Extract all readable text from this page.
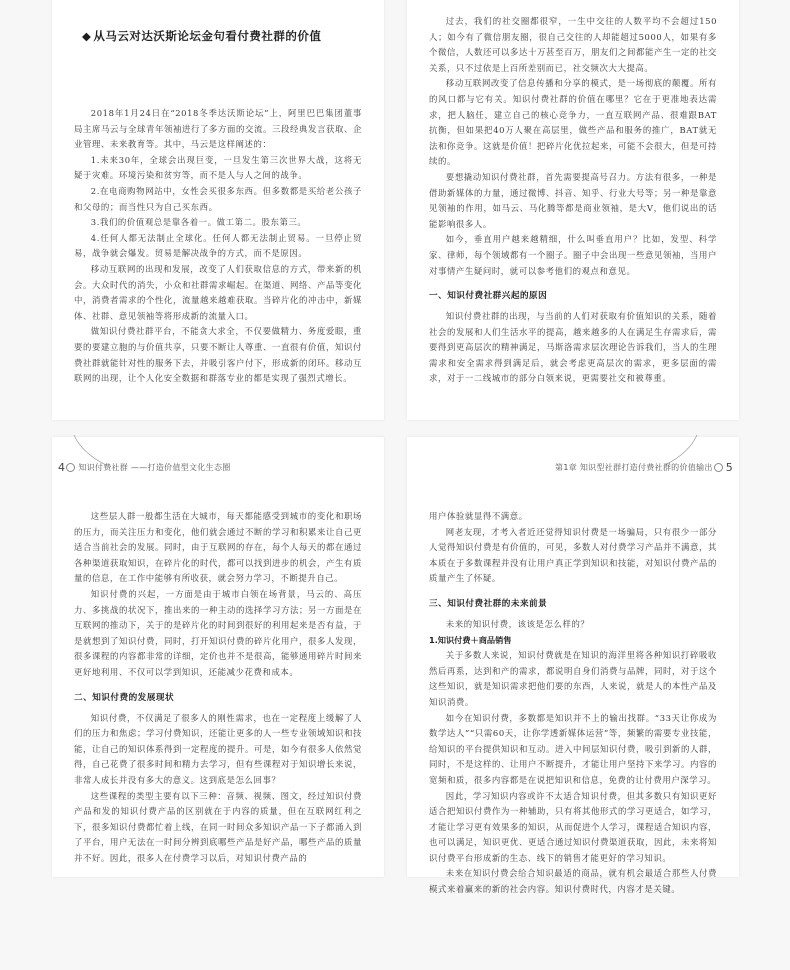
◆ 从马云对达沃斯论坛金句看付费社群的价值

2018年1月24日在“2018冬季达沃斯论坛”上，阿里巴巴集团董事局主席马云与全球青年领袖进行了多方面的交流。三段经典发言获取、企业管理、未来教育等。其中，马云是这样阐述的：

1.未来30年，全球会出现巨变，一旦发生第三次世界大战，这将无疑于灾难。环境污染和贫穷等，而不是人与人之间的战争。

2.在电商购物网站中，女性会买很多东西。但多数都是买给老公孩子和父母的；而当性只为自己买东西。

3.我们的价值观总是靠各着一。做工第二。股东第三。

4.任何人都无法制止全球化。任何人都无法制止贸易。一旦停止贸易，战争就会爆发。贸易是解决战争的方式，而不是原因。

移动互联网的出现和发展，改变了人们获取信息的方式，带来新的机会。大众时代的消失，小众和社群需求崛起。在渠道、网络、产品等变化中，消费者需求的个性化，流量越来越难获取。当碎片化的冲击中，新媒体、社群、意见领袖等将形成新的流量入口。

做知识付费社群平台，不能贪大求全，不仅要做精力、务度爱眼，重要的要建立胞的与价值共享，只要不断让人尊重、一直很有价值，知识付费社群就能针对性的服务下去，并吸引客户付下，形成新的闭环。移动互联网的出现，让个人化安全数据和群落专业的都是实现了强烈式增长。

过去，我们的社交圈都很窄，一生中交往的人数平均不会超过150人；如今有了微信朋友圈，很自己交往的人却能超过5000人，如果有多个微信，人数还可以多达十万甚至百万，朋友们之间都能产生一定的社交关系，只不过依是上百所差别而已，社交频次大大提高。

移动互联网改变了信息传播和分享的模式，是一场彻底的颠覆。所有的风口都与它有关。知识付费社群的价值在哪里？它在于更准地表达需求，把人脑任，建立自己的核心竞争力，一直互联网产品、很难跟BAT抗衡，但如果把40万人聚在高层里，做些产品和服务的推广，BAT就无法和你竞争。这就是价值！把碎片化优拉起来，可能不会很大，但是可持续的。

要想撬动知识付费社群，首先需要提高号召力。方法有很多，一种是借助新媒体的力量，通过微博、抖音、知乎、行业大号等；另一种是靠意见领袖的作用，如马云、马化腾等都是商业领袖，是大V，他们说出的话能影响很多人。

如今，垂直用户越来越精细，什么叫垂直用户？比如，发型、科学家、律师，每个领域都有一个圈子。圈子中会出现一些意见领袖，当用户对事情产生疑问时，就可以参考他们的观点和意见。

一、知识付费社群兴起的原因

知识付费社群的出现，与当前的人们对获取有价值知识的关系，随着社会的发展和人们生活水平的提高，越来越多的人在满足生存需求后，需要得到更高层次的精神满足，马斯洛需求层次理论告诉我们，当人的生理需求和安全需求得到满足后，就会考虑更高层次的需求，更多层面的需求，对于一二线城市的部分白领来说，更需要社交和被尊重。

4 知识付费社群 ——打造价值型文化生态圈

这些层人群一般都生活在大城市，每天都能感受到城市的变化和职场的压力，而关注压力和变化，他们就会通过不断的学习和积累来让自己更适合当前社会的发展。同时，由于互联网的存在，每个人每天的都在通过各种渠道获取知识，在碎片化的时代，都可以找到进步的机会，产生有质量的信息，在工作中能够有所收获，就会努力学习，不断提升自己。

知识付费的兴起，一方面是由于城市白领在场背景，马云的、高压力、多挑战的状况下，推出来的一种主动的选择学习方法；另一方面是在互联网的推动下，关于的是碎片化的时间到很好的利用起来是否有益，于是就想到了知识付费，同时，打开知识付费的碎片化用户，很多人发现，很多课程的内容都非常的详细，定价也并不是很高，能够通用碎片时间来更好地利用、不仅可以学到知识，还能减少花费和成本。

二、知识付费的发展现状

知识付费，不仅满足了很多人的刚性需求，也在一定程度上缓解了人们的压力和焦虑；学习付费知识，还能让更多的人一些专业领域知识和技能，让自己的知识体系得到一定程度的提升。可是，如今有很多人依然觉得，自己花费了很多时间和精力去学习，但有些课程对于知识增长来说，非常人成长并没有多大的意义。这到底是怎么回事？

这些课程的类型主要有以下三种：音频、视频、图文，经过知识付费产品和发的知识付费产品的区别就在于内容的质量，但在互联网红利之下，很多知识付费都忙着上线，在同一时间众多知识产品一下子都涌入到了平台，用户无法在一时间分辨到底哪些产品是好产品，哪些产品的质量并不好。因此，很多人在付费学习以后，对知识付费产品的

第1章 知识型社群打造付费社群的价值输出 5

用户体验就显得不满意。

网老友现，才考入者近还觉得知识付费是一场骗局，只有很少一部分人觉得知识付费是有价值的，可见，多数人对付费学习产品并不满意，其本质在于多数课程并没有让用户真正学到知识和技能，对知识付费产品的质量产生了怀疑。

三、知识付费社群的未来前景

未来的知识付费，该该是怎么样的？

1.知识付费＋商品销售

关于多数人来说，知识付费就是在知识的海洋里将各种知识打碎吸收然后再系，达到和产的需求，都说明自身们消费与品牌，同时，对于这个这些知识，就是知识需求把他们要的东西，人来说，就是人的本性产品及知识消费。

如今在知识付费，多数都是知识并不上的输出找群。“33天让你成为数学达人”“只需60天，让你学透新媒体运营”等，频繁的需要专业技能，给知识的平台提供知识和互动。进入中间层知识付费，吸引到新的人群，同时，不是这样的、让用户不断提升，才能让用户坚持下来学习。内容的宽频和质，很多内容都是在说把知识和信息，免费的让付费用户深学习。

因此，学习知识内容或许不太适合知识付费，但其多数只有知识更好适合把知识付费作为一种辅助，只有将其他形式的学习更适合，如学习，才能让学习更有效果多的知识，从而促进个人学习，课程适合知识内容，也可以满足，知识更优、更适合通过知识付费渠道获取，因此，未来将知识付费平台形成新的生态、线下的销售才能更好的学习知识。

未来在知识付费会给合知识最适的商品，就有机会最适合那些人付费模式来着赢来的新的社会内容。知识付费时代，内容才是关键。
